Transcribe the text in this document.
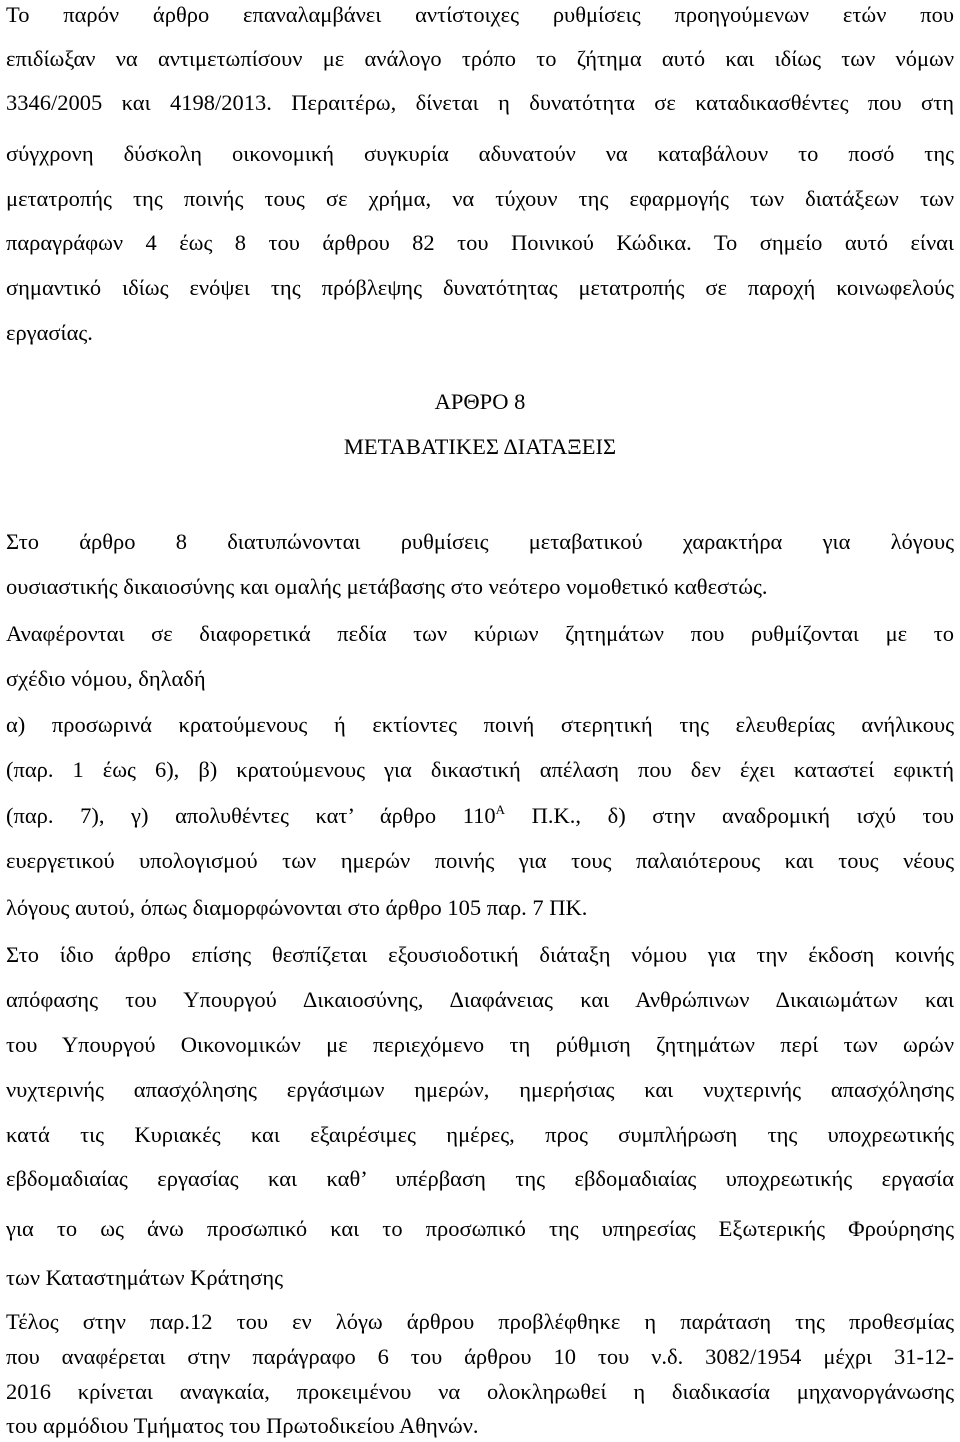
Το παρόν άρθρο επαναλαμβάνει αντίστοιχες ρυθμίσεις προηγούμενων ετών που
επιδίωξαν να αντιμετωπίσουν με ανάλογο τρόπο το ζήτημα αυτό και ιδίως των νόμων
3346/2005 και 4198/2013. Περαιτέρω, δίνεται η δυνατότητα σε καταδικασθέντες που στη
σύγχρονη δύσκολη οικονομική συγκυρία αδυνατούν να καταβάλουν το ποσό της
μετατροπής της ποινής τους σε χρήμα, να τύχουν της εφαρμογής των διατάξεων των
παραγράφων 4 έως 8 του άρθρου 82 του Ποινικού Κώδικα. Το σημείο αυτό είναι
σημαντικό ιδίως ενόψει της πρόβλεψης δυνατότητας μετατροπής σε παροχή κοινωφελούς
εργασίας.
ΑΡΘΡΟ 8
ΜΕΤΑΒΑΤΙΚΕΣ ΔΙΑΤΑΞΕΙΣ
Στο άρθρο 8 διατυπώνονται ρυθμίσεις μεταβατικού χαρακτήρα για λόγους
ουσιαστικής δικαιοσύνης και ομαλής μετάβασης στο νεότερο νομοθετικό καθεστώς.
Αναφέρονται σε διαφορετικά πεδία των κύριων ζητημάτων που ρυθμίζονται με το
σχέδιο νόμου, δηλαδή
α) προσωρινά κρατούμενους ή εκτίοντες ποινή στερητική της ελευθερίας ανήλικους
(παρ. 1 έως 6), β) κρατούμενους για δικαστική απέλαση που δεν έχει καταστεί εφικτή
(παρ. 7), γ) απολυθέντες κατ’ άρθρο $110^A$ Π.Κ., δ) στην αναδρομική ισχύ του
ευεργετικού υπολογισμού των ημερών ποινής για τους παλαιότερους και τους νέους
λόγους αυτού, όπως διαμορφώνονται στο άρθρο 105 παρ. 7 ΠΚ.
Στο ίδιο άρθρο επίσης θεσπίζεται εξουσιοδοτική διάταξη νόμου για την έκδοση κοινής
απόφασης του Υπουργού Δικαιοσύνης, Διαφάνειας και Ανθρώπινων Δικαιωμάτων και
του Υπουργού Οικονομικών με περιεχόμενο τη ρύθμιση ζητημάτων περί των ωρών
νυχτερινής απασχόλησης εργάσιμων ημερών, ημερήσιας και νυχτερινής απασχόλησης
κατά τις Κυριακές και εξαιρέσιμες ημέρες, προς συμπλήρωση της υποχρεωτικής
εβδομαδιαίας εργασίας και καθ’ υπέρβαση της εβδομαδιαίας υποχρεωτικής εργασία
για το ως άνω προσωπικό και το προσωπικό της υπηρεσίας Εξωτερικής Φρούρησης
των Καταστημάτων Κράτησης
Τέλος στην παρ.12 του εν λόγω άρθρου προβλέφθηκε η παράταση της προθεσμίας
που αναφέρεται στην παράγραφο 6 του άρθρου 10 του ν.δ. 3082/1954 μέχρι 31-12-
2016 κρίνεται αναγκαία, προκειμένου να ολοκληρωθεί η διαδικασία μηχανοργάνωσης
του αρμόδιου Τμήματος του Πρωτοδικείου Αθηνών.
